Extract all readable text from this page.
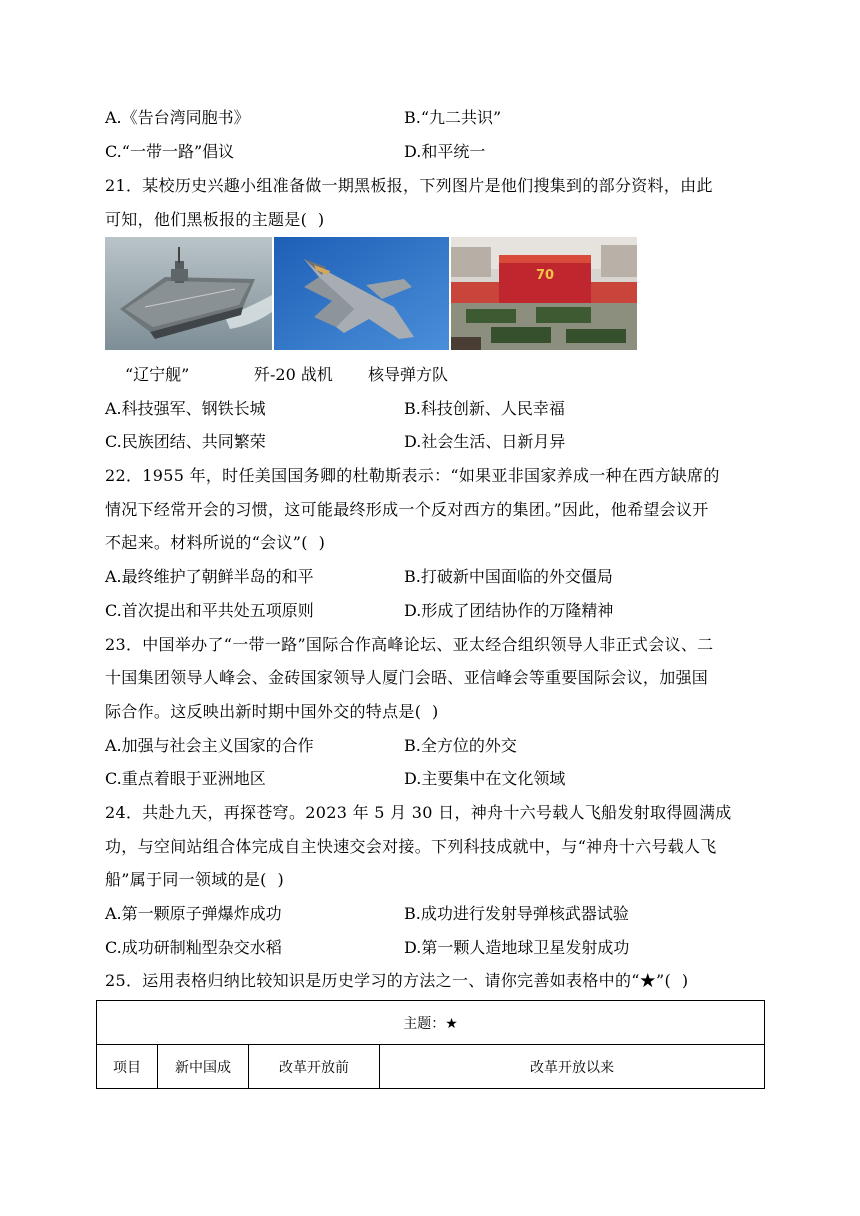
A.《告台湾同胞书》	B.“九二共识”
C.“一带一路”倡议	D.和平统一
21．某校历史兴趣小组准备做一期黑板报，下列图片是他们搜集到的部分资料，由此
可知，他们黑板报的主题是(  )
70
“辽宁舰”	歼-20 战机 核导弹方队
A.科技强军、钢铁长城	B.科技创新、人民幸福
C.民族团结、共同繁荣	D.社会生活、日新月异
22．1955 年，时任美国国务卿的杜勒斯表示：“如果亚非国家养成一种在西方缺席的
情况下经常开会的习惯，这可能最终形成一个反对西方的集团。”因此，他希望会议开
不起来。材料所说的“会议”(  )
A.最终维护了朝鲜半岛的和平	B.打破新中国面临的外交僵局
C.首次提出和平共处五项原则	D.形成了团结协作的万隆精神
23．中国举办了“一带一路”国际合作高峰论坛、亚太经合组织领导人非正式会议、二
十国集团领导人峰会、金砖国家领导人厦门会晤、亚信峰会等重要国际会议，加强国
际合作。这反映出新时期中国外交的特点是(  )
A.加强与社会主义国家的合作	B.全方位的外交
C.重点着眼于亚洲地区	D.主要集中在文化领域
24．共赴九天，再探苍穹。2023 年 5 月 30 日，神舟十六号载人飞船发射取得圆满成
功，与空间站组合体完成自主快速交会对接。下列科技成就中，与“神舟十六号载人飞
船”属于同一领域的是(  )
A.第一颗原子弹爆炸成功	B.成功进行发射导弹核武器试验
C.成功研制籼型杂交水稻	D.第一颗人造地球卫星发射成功
25．运用表格归纳比较知识是历史学习的方法之一、请你完善如表格中的“★”(  )
主题：★
项目	新中国成	改革开放前	改革开放以来
